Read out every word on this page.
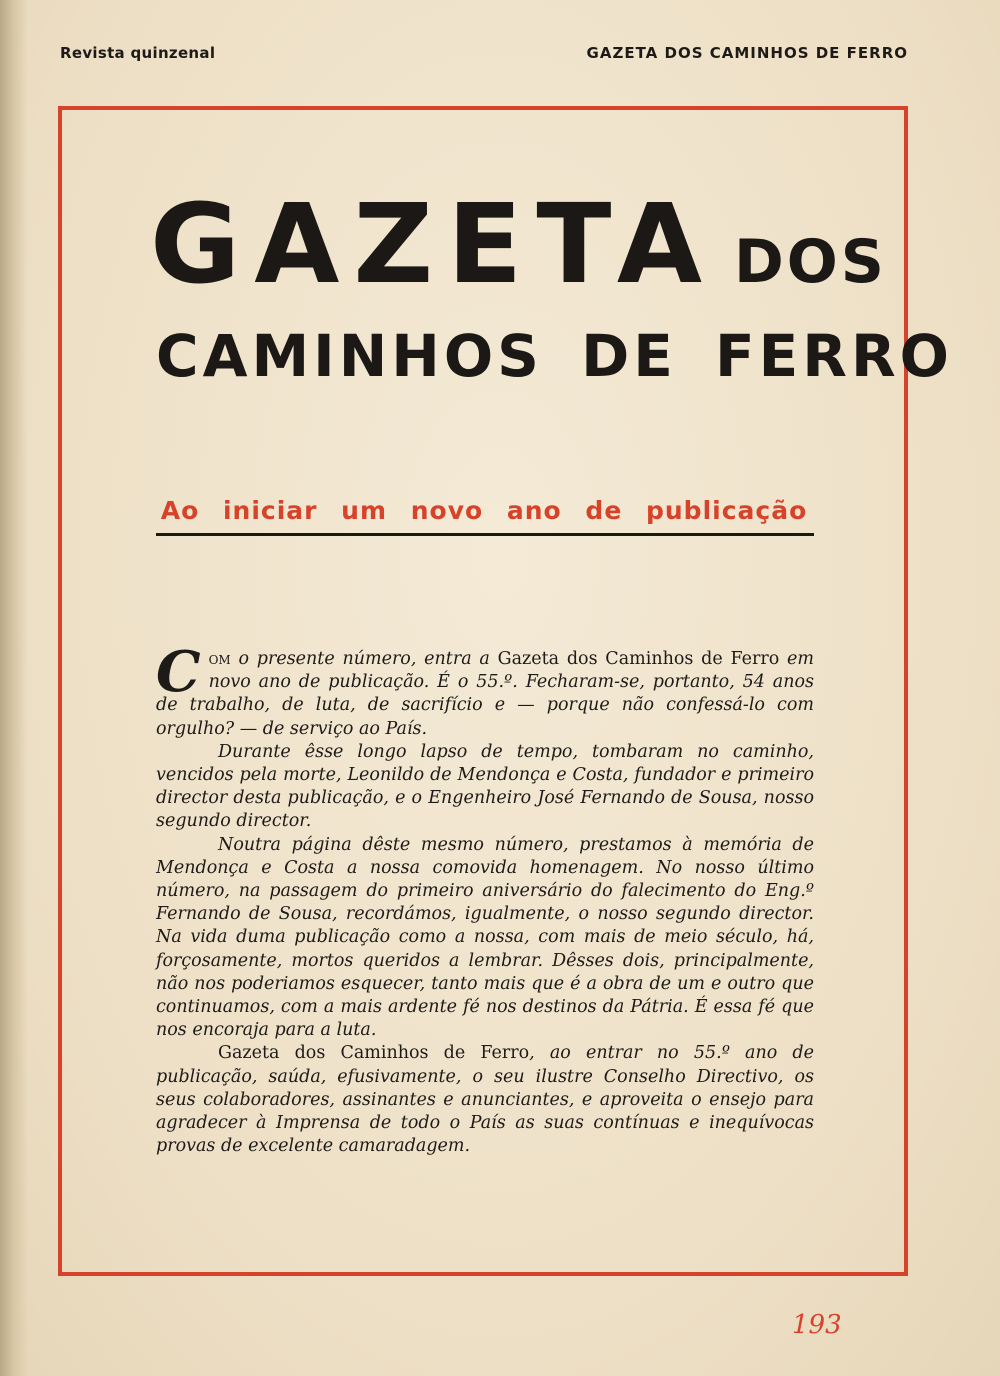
Revista quinzenal	GAZETA DOS CAMINHOS DE FERRO
GAZETA DOS
CAMINHOS DE FERRO
Ao iniciar um novo ano de publicação

Com o presente número, entra a Gazeta dos Caminhos de Ferro em novo ano de publicação. É o 55.º. Fecharam-se, portanto, 54 anos de trabalho, de luta, de sacrifício e — porque não confessá-lo com orgulho? — de serviço ao País.

Durante êsse longo lapso de tempo, tombaram no caminho, vencidos pela morte, Leonildo de Mendonça e Costa, fundador e primeiro director desta publicação, e o Engenheiro José Fernando de Sousa, nosso segundo director.

Noutra página dêste mesmo número, prestamos à memória de Mendonça e Costa a nossa comovida homenagem. No nosso último número, na passagem do primeiro aniversário do falecimento do Eng.º Fernando de Sousa, recordámos, igualmente, o nosso segundo director. Na vida duma publicação como a nossa, com mais de meio século, há, forçosamente, mortos queridos a lembrar. Dêsses dois, principalmente, não nos poderiamos esquecer, tanto mais que é a obra de um e outro que continuamos, com a mais ardente fé nos destinos da Pátria. É essa fé que nos encoraja para a luta.

Gazeta dos Caminhos de Ferro, ao entrar no 55.º ano de publicação, saúda, efusivamente, o seu ilustre Conselho Directivo, os seus colaboradores, assinantes e anunciantes, e aproveita o ensejo para agradecer à Imprensa de todo o País as suas contínuas e inequívocas provas de excelente camaradagem.

193
